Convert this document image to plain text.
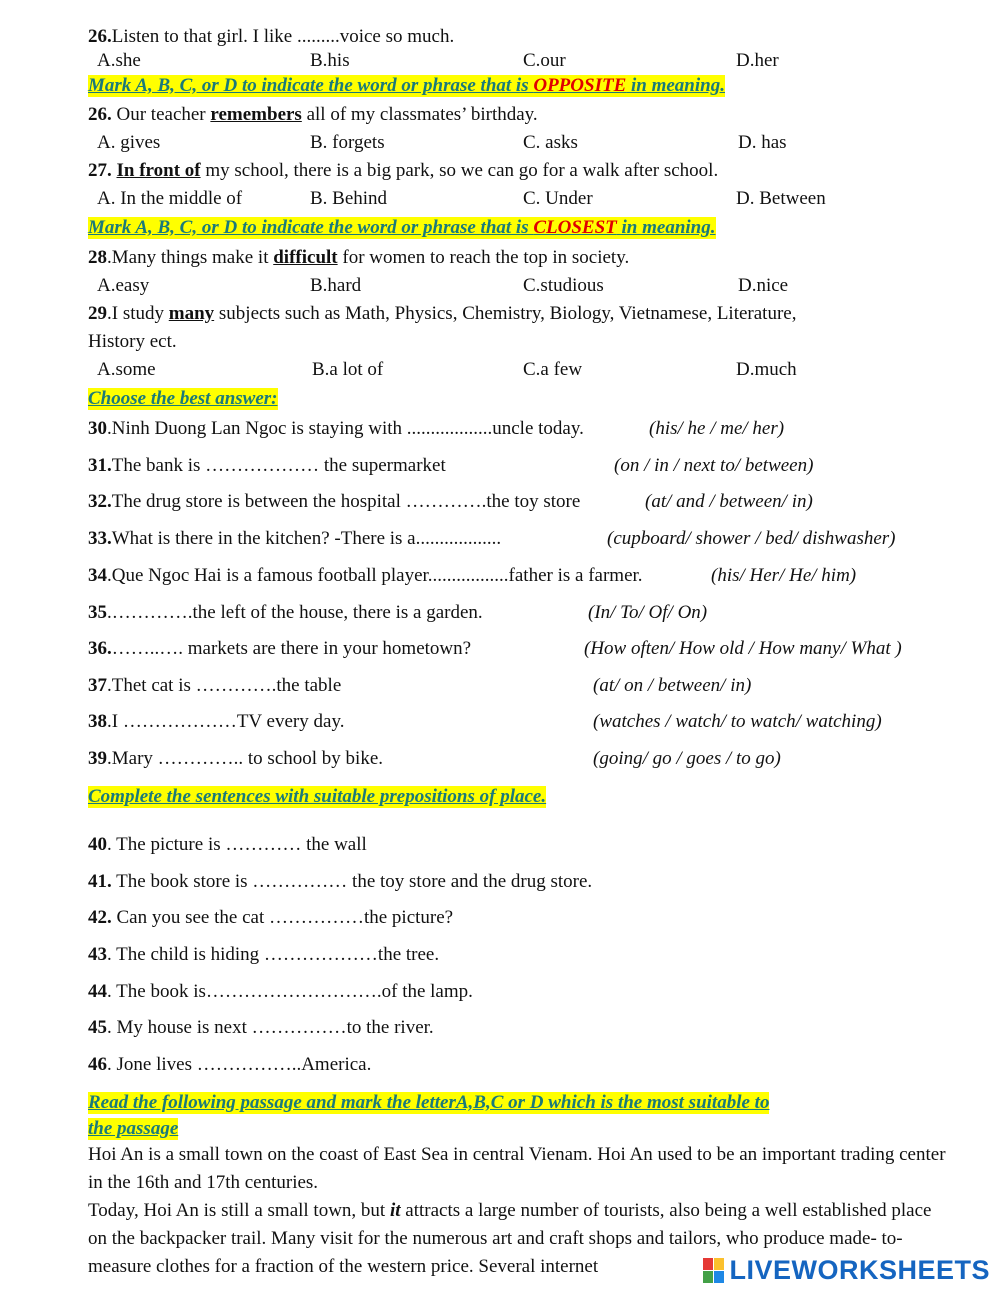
26.Listen to that girl. I like .........voice so much.
A.she	B.his	C.our	D.her
Mark A, B, C, or D to indicate the word or phrase that is OPPOSITE in meaning.
26. Our teacher remembers all of my classmates’ birthday.
A. gives	B. forgets	C. asks	D. has
27. In front of my school, there is a big park, so we can go for a walk after school.
A. In the middle of	B. Behind	C. Under	D. Between
Mark A, B, C, or D to indicate the word or phrase that is CLOSEST in meaning.
28.Many things make it difficult for women to reach the top in society.
A.easy	B.hard	C.studious	D.nice
29.I study many subjects such as Math, Physics, Chemistry, Biology, Vietnamese, Literature,
History ect.
A.some	B.a lot of	C.a few	D.much
Choose the best answer:
30.Ninh Duong Lan Ngoc is staying with ..................uncle today.	(his/ he / me/ her)
31.The bank is ……………… the supermarket	(on / in / next to/ between)
32.The drug store is between the hospital ………….the toy store	(at/ and / between/ in)
33.What is there in the kitchen? -There is a..................	(cupboard/ shower / bed/ dishwasher)
34.Que Ngoc Hai is a famous football player.................father is a farmer.	(his/ Her/ He/ him)
35.………….the left of the house, there is a garden.	(In/ To/ Of/ On)
36.……..…. markets are there in your hometown?	(How often/ How old / How many/ What )
37.Thet cat is ………….the table	(at/ on / between/ in)
38.I ………………TV every day.	(watches / watch/ to watch/ watching)
39.Mary ………….. to school by bike.	(going/ go / goes / to go)
Complete the sentences with suitable prepositions of place.
40. The picture is ………… the wall
41. The book store is …………… the toy store and the drug store.
42. Can you see the cat ……………the picture?
43. The child is hiding ………………the tree.
44. The book is……………………….of the lamp.
45. My house is next ……………to the river.
46. Jone lives ……………..America.
Read the following passage and mark the letterA,B,C or D which is the most suitable to
the passage
Hoi An is a small town on the coast of East Sea in central Vienam. Hoi An used to be an important trading center in the 16th and 17th centuries.
Today, Hoi An is still a small town, but it attracts a large number of tourists, also being a well established place on the backpacker trail. Many visit for the numerous art and craft shops and tailors, who produce made- to-measure clothes for a fraction of the western price. Several internet	LIVEWORKSHEETS
